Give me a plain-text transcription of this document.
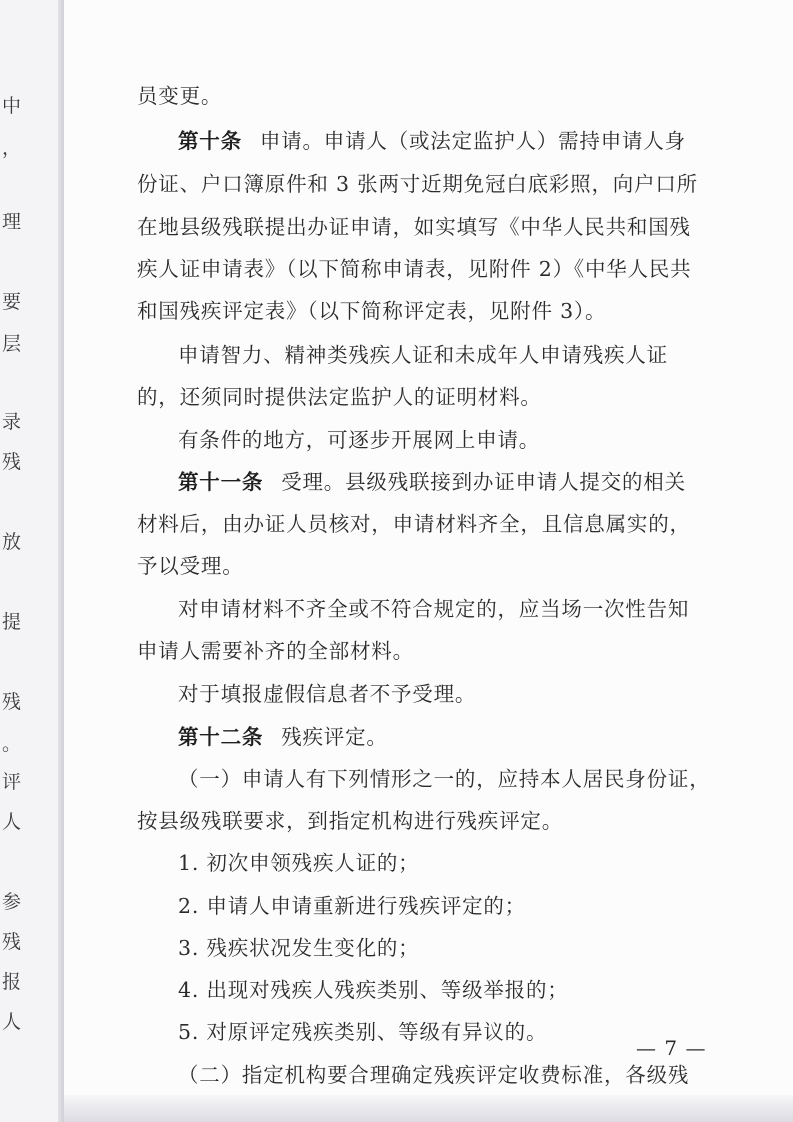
中
，
理
要
层
录
残
放
提
残
。
评
人
参
残
报
人
员变更。
第十条 申请。申请人（或法定监护人）需持申请人身
份证、户口簿原件和 3 张两寸近期免冠白底彩照，向户口所
在地县级残联提出办证申请，如实填写《中华人民共和国残
疾人证申请表》（以下简称申请表，见附件 2）《中华人民共
和国残疾评定表》（以下简称评定表，见附件 3）。
申请智力、精神类残疾人证和未成年人申请残疾人证
的，还须同时提供法定监护人的证明材料。
有条件的地方，可逐步开展网上申请。
第十一条 受理。县级残联接到办证申请人提交的相关
材料后，由办证人员核对，申请材料齐全，且信息属实的，
予以受理。
对申请材料不齐全或不符合规定的，应当场一次性告知
申请人需要补齐的全部材料。
对于填报虚假信息者不予受理。
第十二条 残疾评定。
（一）申请人有下列情形之一的，应持本人居民身份证，
按县级残联要求，到指定机构进行残疾评定。
1. 初次申领残疾人证的；
2. 申请人申请重新进行残疾评定的；
3. 残疾状况发生变化的；
4. 出现对残疾人残疾类别、等级举报的；
5. 对原评定残疾类别、等级有异议的。
（二）指定机构要合理确定残疾评定收费标准，各级残
— 7 —
